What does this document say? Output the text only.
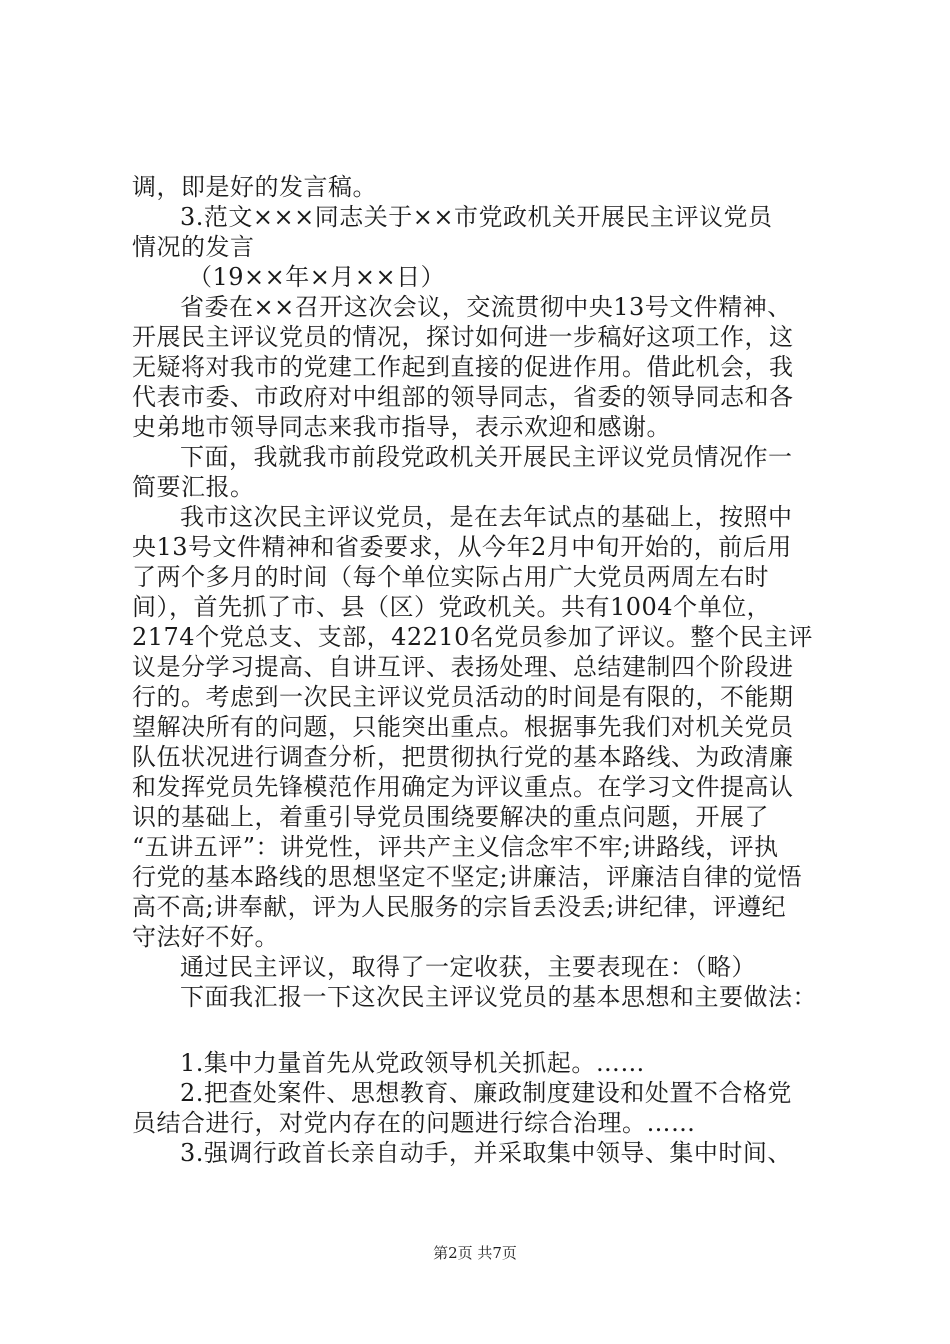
调，即是好的发言稿。
3.范文×××同志关于××市党政机关开展民主评议党员
情况的发言
（19××年×月××日）
省委在××召开这次会议，交流贯彻中央13号文件精神、
开展民主评议党员的情况，探讨如何进一步稿好这项工作，这
无疑将对我市的党建工作起到直接的促进作用。借此机会，我
代表市委、市政府对中组部的领导同志，省委的领导同志和各
史弟地市领导同志来我市指导，表示欢迎和感谢。
下面，我就我市前段党政机关开展民主评议党员情况作一
简要汇报。
我市这次民主评议党员，是在去年试点的基础上，按照中
央13号文件精神和省委要求，从今年2月中旬开始的，前后用
了两个多月的时间（每个单位实际占用广大党员两周左右时
间），首先抓了市、县（区）党政机关。共有1004个单位，
2174个党总支、支部，42210名党员参加了评议。整个民主评
议是分学习提高、自讲互评、表扬处理、总结建制四个阶段进
行的。考虑到一次民主评议党员活动的时间是有限的，不能期
望解决所有的问题，只能突出重点。根据事先我们对机关党员
队伍状况进行调查分析，把贯彻执行党的基本路线、为政清廉
和发挥党员先锋模范作用确定为评议重点。在学习文件提高认
识的基础上，着重引导党员围绕要解决的重点问题，开展了
“五讲五评”：讲党性，评共产主义信念牢不牢;讲路线，评执
行党的基本路线的思想坚定不坚定;讲廉洁，评廉洁自律的觉悟
高不高;讲奉献，评为人民服务的宗旨丢没丢;讲纪律，评遵纪
守法好不好。
通过民主评议，取得了一定收获，主要表现在：（略）
下面我汇报一下这次民主评议党员的基本思想和主要做法：
1.集中力量首先从党政领导机关抓起。……
2.把查处案件、思想教育、廉政制度建设和处置不合格党
员结合进行，对党内存在的问题进行综合治理。……
3.强调行政首长亲自动手，并采取集中领导、集中时间、
第2页 共7页
